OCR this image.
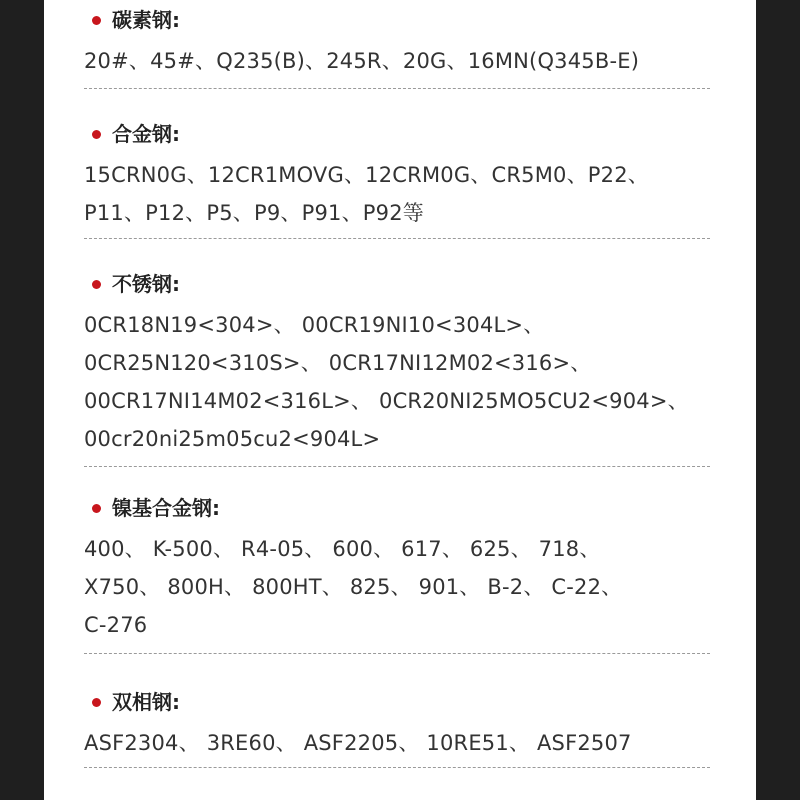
碳素钢:
20#、45#、Q235(B)、245R、20G、16MN(Q345B-E)
合金钢:
15CRN0G、12CR1MOVG、12CRM0G、CR5M0、P22、
P11、P12、P5、P9、P91、P92等
不锈钢:
0CR18N19<304>、 00CR19NI10<304L>、
0CR25N120<310S>、 0CR17NI12M02<316>、
00CR17NI14M02<316L>、 0CR20NI25MO5CU2<904>、
00cr20ni25m05cu2<904L>
镍基合金钢:
400、 K-500、 R4-05、 600、 617、 625、 718、
X750、 800H、 800HT、 825、 901、 B-2、 C-22、
C-276
双相钢:
ASF2304、 3RE60、 ASF2205、 10RE51、 ASF2507
